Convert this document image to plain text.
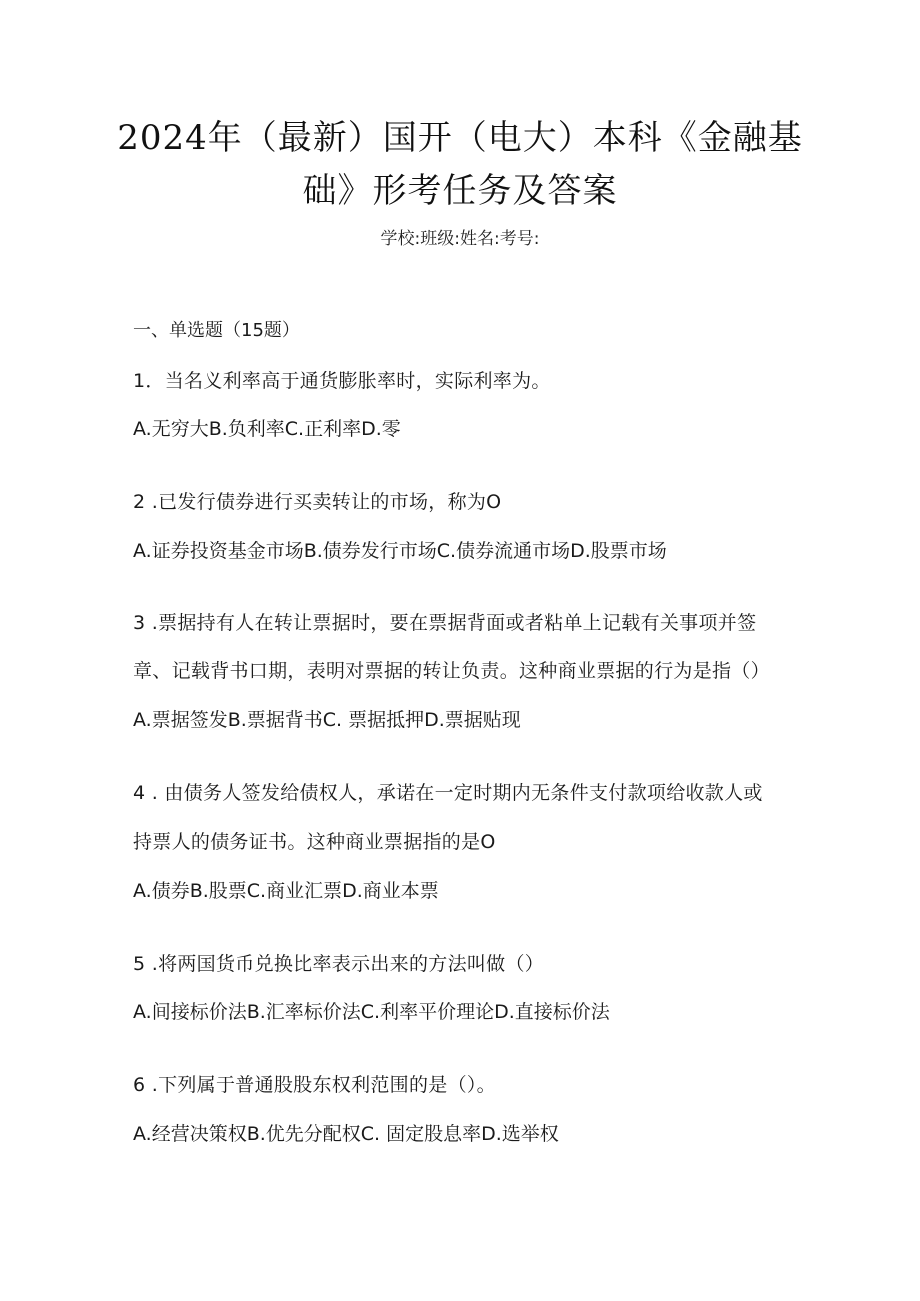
2024年（最新）国开（电大）本科《金融基
础》形考任务及答案
学校:班级:姓名:考号:
一、单选题（15题）
1．当名义利率高于通货膨胀率时，实际利率为。
A.无穷大B.负利率C.正利率D.零
2 .已发行债券进行买卖转让的市场，称为O
A.证券投资基金市场B.债券发行市场C.债券流通市场D.股票市场
3 .票据持有人在转让票据时，要在票据背面或者粘单上记载有关事项并签
章、记载背书口期，表明对票据的转让负责。这种商业票据的行为是指（）
A.票据签发B.票据背书C. 票据抵押D.票据贴现
4 . 由债务人签发给债权人，承诺在一定时期内无条件支付款项给收款人或
持票人的债务证书。这种商业票据指的是O
A.债券B.股票C.商业汇票D.商业本票
5 .将两国货币兑换比率表示出来的方法叫做（）
A.间接标价法B.汇率标价法C.利率平价理论D.直接标价法
6 .下列属于普通股股东权利范围的是（）。
A.经营决策权B.优先分配权C. 固定股息率D.选举权
